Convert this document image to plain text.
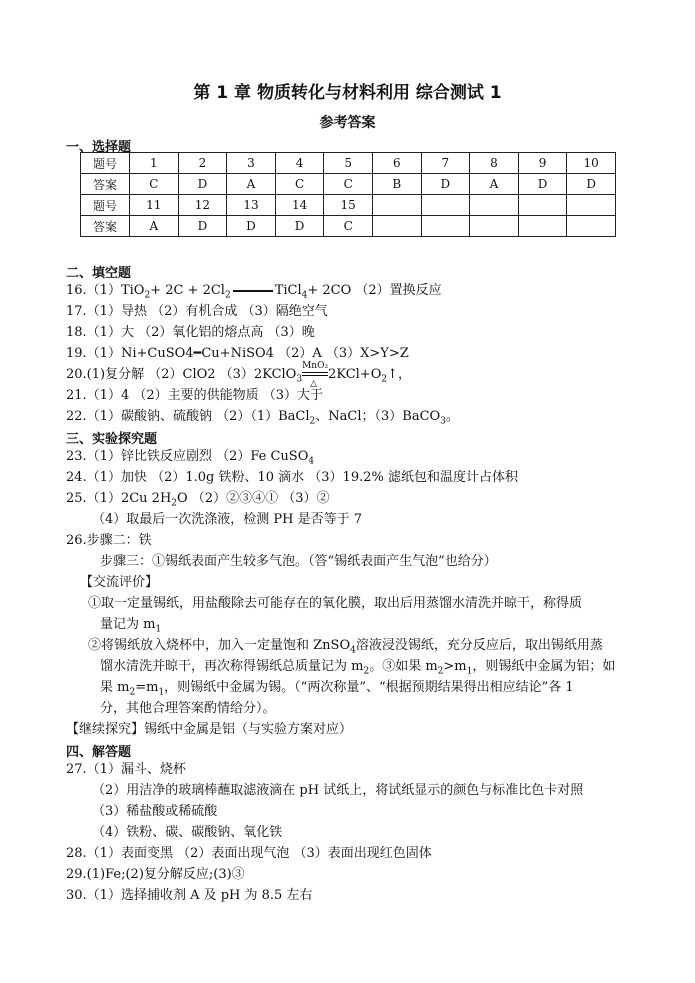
第 1 章 物质转化与材料利用 综合测试 1
参考答案
一、选择题
题号	1	2	3	4	5	6	7	8	9	10
答案	C	D	A	C	C	B	D	A	D	D
题号	11	12	13	14	15					
答案	A	D	D	D	C					
二、填空题
$16.(1)TiO_2+ 2C + 2Cl_2$	TiCl$_4$+ 2CO （2）置换反应
17.（1）导热 （2）有机合成 （3）隔绝空气
18.（1）大 （2）氧化铝的熔点高 （3）晚
19.（1）Ni+CuSO4━Cu+NiSO4 （2）A （3）X>Y>Z
20.(1)复分解 （2）ClO2 （3）2KClO$_3$
MnO₂
△
$2KCl+O_2↑$，
21.（1）4 （2）主要的供能物质 （3）大于
22.（1）碳酸钠、硫酸钠 （2）（1）BaCl$_2$、NaCl；（3）BaCO$_3$。
三、实验探究题
23.（1）锌比铁反应剧烈 （2）Fe CuSO$_4$
24.（1）加快 （2）1.0g 铁粉、10 滴水 （3）19.2% 滤纸包和温度计占体积
25.（1）2Cu $2H_2O$ （2）②③④① （3）②
（4）取最后一次洗涤液，检测 PH 是否等于 7
26.步骤二：铁
步骤三：①锡纸表面产生较多气泡。（答“锡纸表面产生气泡”也给分）
【交流评价】
①取一定量锡纸，用盐酸除去可能存在的氧化膜，取出后用蒸馏水清洗并晾干，称得质
量记为 $m_1$
②将锡纸放入烧杯中，加入一定量饱和 ZnSO$_4$溶液浸没锡纸，充分反应后，取出锡纸用蒸
馏水清洗并晾干，再次称得锡纸总质量记为 $m_2$。③如果 $m_2>m_1$，则锡纸中金属为铝；如
果 $m_2=m_1$，则锡纸中金属为锡。（“两次称量”、“根据预期结果得出相应结论”各 1
分，其他合理答案酌情给分）。
【继续探究】锡纸中金属是铝（与实验方案对应）
四、解答题
27.（1）漏斗、烧杯
（2）用洁净的玻璃棒蘸取滤液滴在 pH 试纸上，将试纸显示的颜色与标准比色卡对照
（3）稀盐酸或稀硫酸
（4）铁粉、碳、碳酸钠、氧化铁
28.（1）表面变黑 （2）表面出现气泡 （3）表面出现红色固体
29.(1)Fe;(2)复分解反应;(3)③
30.（1）选择捕收剂 A 及 pH 为 8.5 左右
